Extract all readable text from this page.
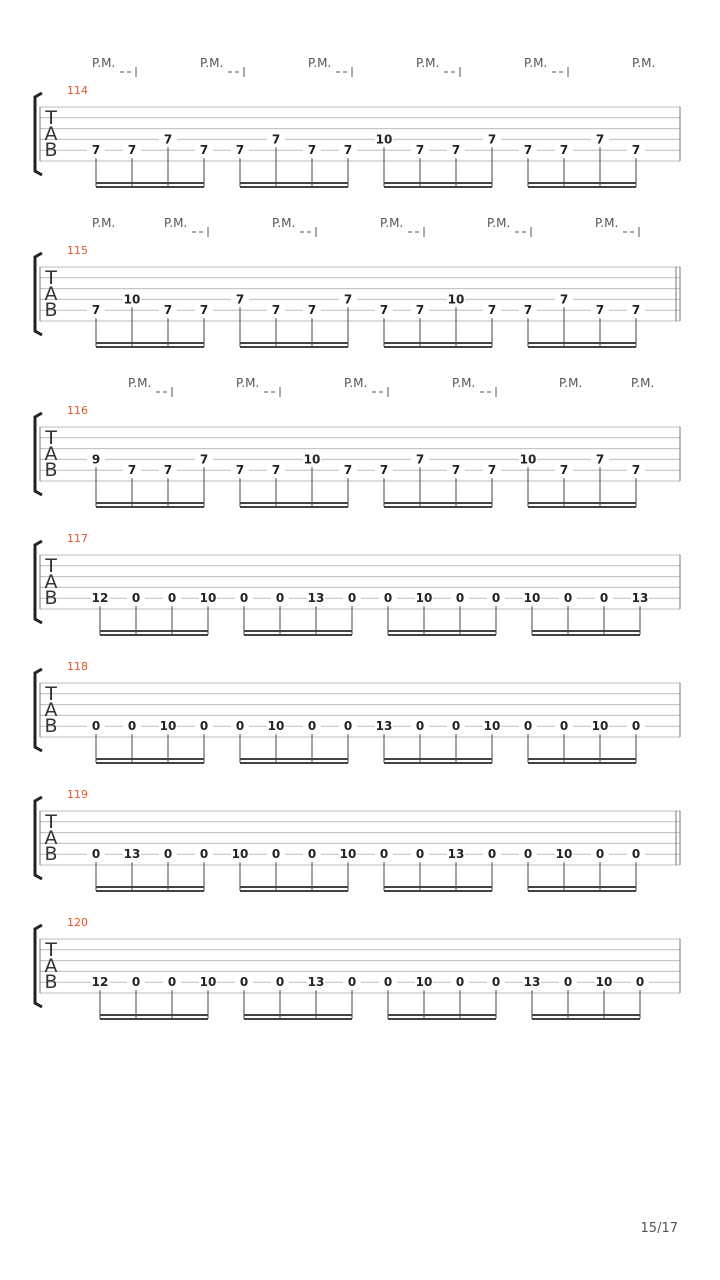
T
A
B
114
P.M.	P.M.	P.M.	P.M.	P.M.	P.M.
7 7
7
7 7
7
7 7
10
7 7
7
7 7
7
7
T
A
B
115
P.M.	P.M.	P.M.	P.M.	P.M.	P.M.
7
10
7 7
7
7 7
7
7 7
10
7 7
7
7 7
T
A
B
116
P.M.	P.M.	P.M.	P.M.	P.M.	P.M.
9
7 7
7
7 7
10
7 7
7
7 7
10
7
7
7
T
A
B
117
12 0 0 10 0 0 13 0 0 10 0 0 10 0 0 13
T
A
B
118
0 0 10 0 0 10 0 0 13 0 0 10 0 0 10 0
T
A
B
119
0 13 0 0 10 0 0 10 0 0 13 0 0 10 0 0
T
A
B
120
12 0 0 10 0 0 13 0 0 10 0 0 13 0 10 0
15/17
